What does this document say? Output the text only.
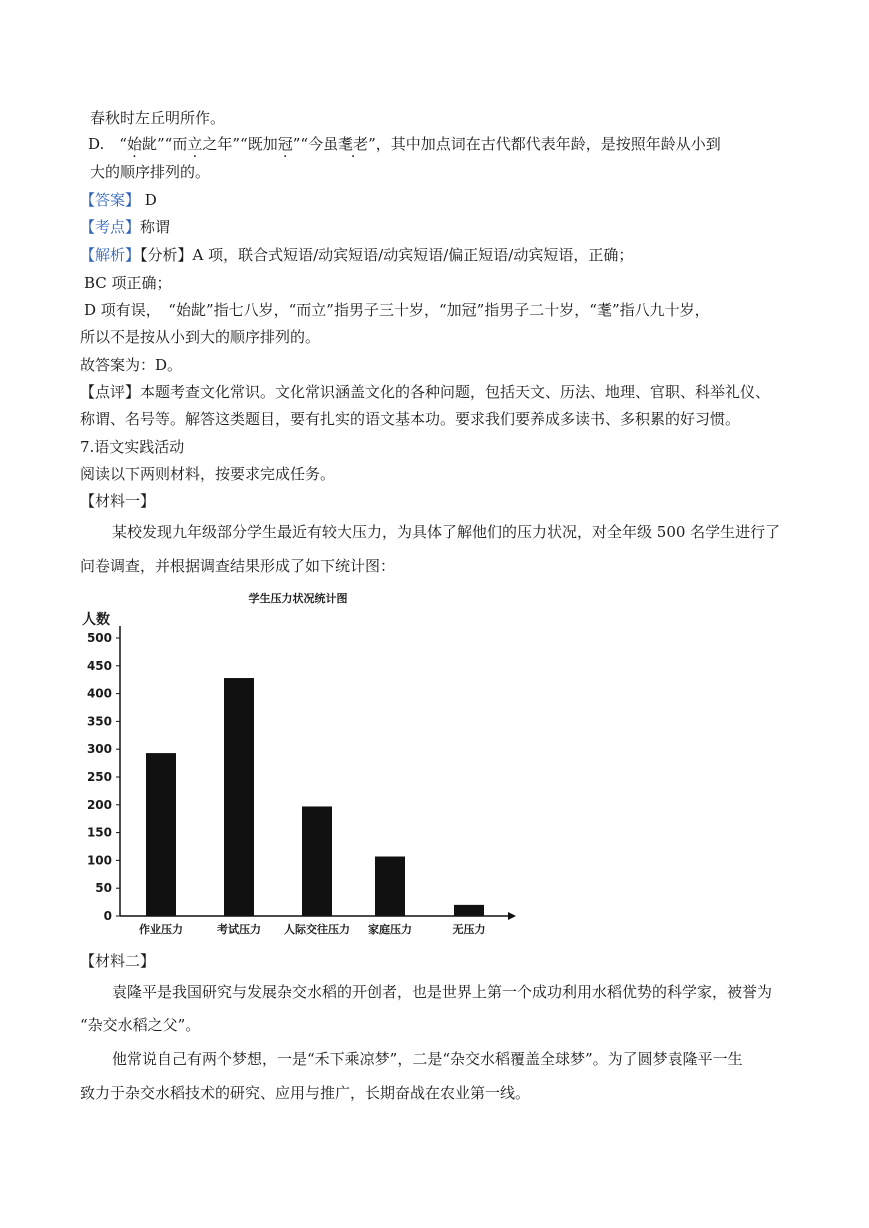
春秋时左丘明所作。
D.　“始龀”“而立之年”“既加冠”“今虽耄老”，其中加点词在古代都代表年龄，是按照年龄从小到
大的顺序排列的。
【答案】 D
【考点】称谓
【解析】【分析】A 项，联合式短语/动宾短语/动宾短语/偏正短语/动宾短语，正确；
BC 项正确；
D 项有误，　“始龀”指七八岁，“而立”指男子三十岁，“加冠”指男子二十岁，“耄”指八九十岁，
所以不是按从小到大的顺序排列的。
故答案为：D。
【点评】本题考查文化常识。文化常识涵盖文化的各种问题，包括天文、历法、地理、官职、科举礼仪、
称谓、名号等。解答这类题目，要有扎实的语文基本功。要求我们要养成多读书、多积累的好习惯。
7.语文实践活动
阅读以下两则材料，按要求完成任务。
【材料一】
某校发现九年级部分学生最近有较大压力，为具体了解他们的压力状况，对全年级 500 名学生进行了
问卷调查，并根据调查结果形成了如下统计图：
学生压力状况统计图
人数
0
50
100
150
200
250
300
350
400
450
500
作业压力	考试压力 人际交往压力 家庭压力	无压力
【材料二】
袁隆平是我国研究与发展杂交水稻的开创者，也是世界上第一个成功利用水稻优势的科学家，被誉为
“杂交水稻之父”。
他常说自己有两个梦想，一是“禾下乘凉梦”，二是“杂交水稻覆盖全球梦”。为了圆梦袁隆平一生
致力于杂交水稻技术的研究、应用与推广，长期奋战在农业第一线。
